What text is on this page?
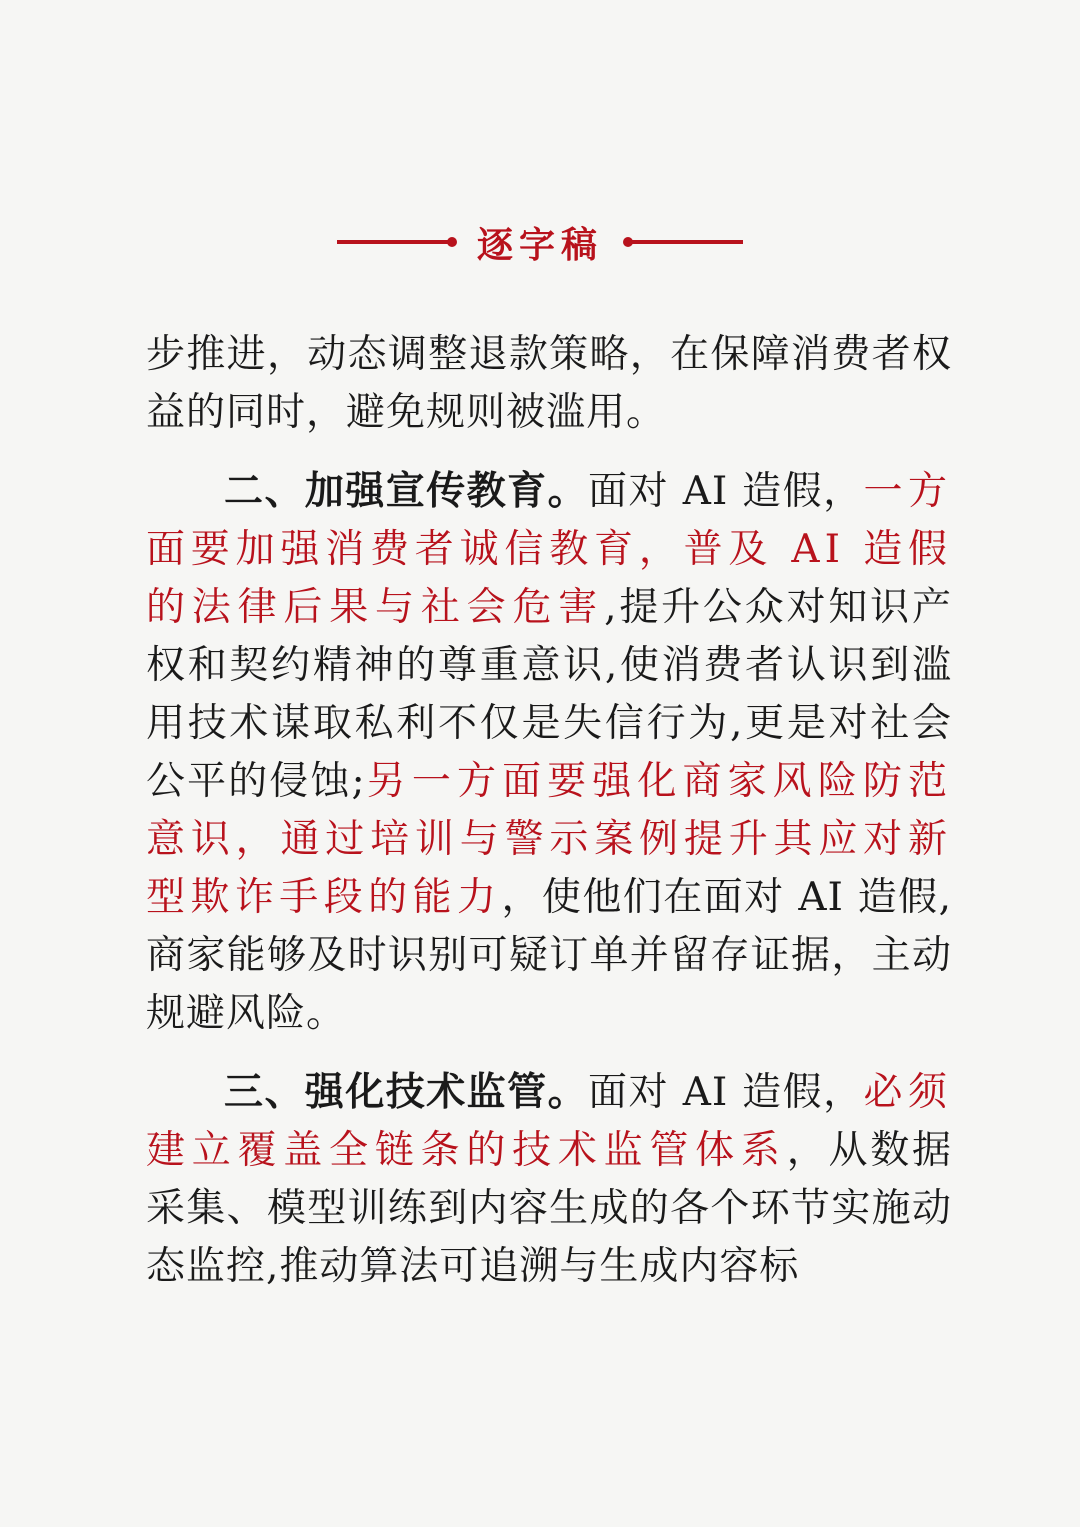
逐字稿

步推进，动态调整退款策略，在保障消费者权益的同时，避免规则被滥用。

二、加强宣传教育。面对 AI 造假，一方面要加强消费者诚信教育，普及 AI 造假的法律后果与社会危害,提升公众对知识产权和契约精神的尊重意识,使消费者认识到滥用技术谋取私利不仅是失信行为,更是对社会公平的侵蚀;另一方面要强化商家风险防范意识，通过培训与警示案例提升其应对新型欺诈手段的能力，使他们在面对 AI 造假,商家能够及时识别可疑订单并留存证据，主动规避风险。

三、强化技术监管。面对 AI 造假，必须建立覆盖全链条的技术监管体系，从数据采集、模型训练到内容生成的各个环节实施动态监控,推动算法可追溯与生成内容标
